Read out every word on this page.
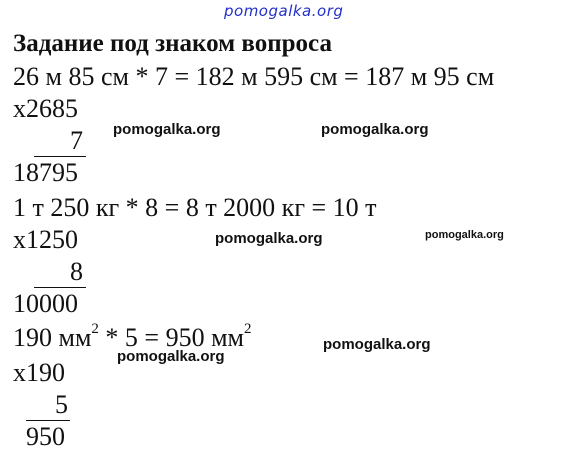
pomogalka.org
Задание под знаком вопроса
26 м 85 см * 7 = 182 м 595 см = 187 м 95 см
х2685
7
18795
pomogalka.org	pomogalka.org
1 т 250 кг * 8 = 8 т 2000 кг = 10 т
х1250
8
10000
pomogalka.org	pomogalka.org
190 $мм^2 * 5 = 950$ $мм^2$
х190
5
950
pomogalka.org
pomogalka.org
